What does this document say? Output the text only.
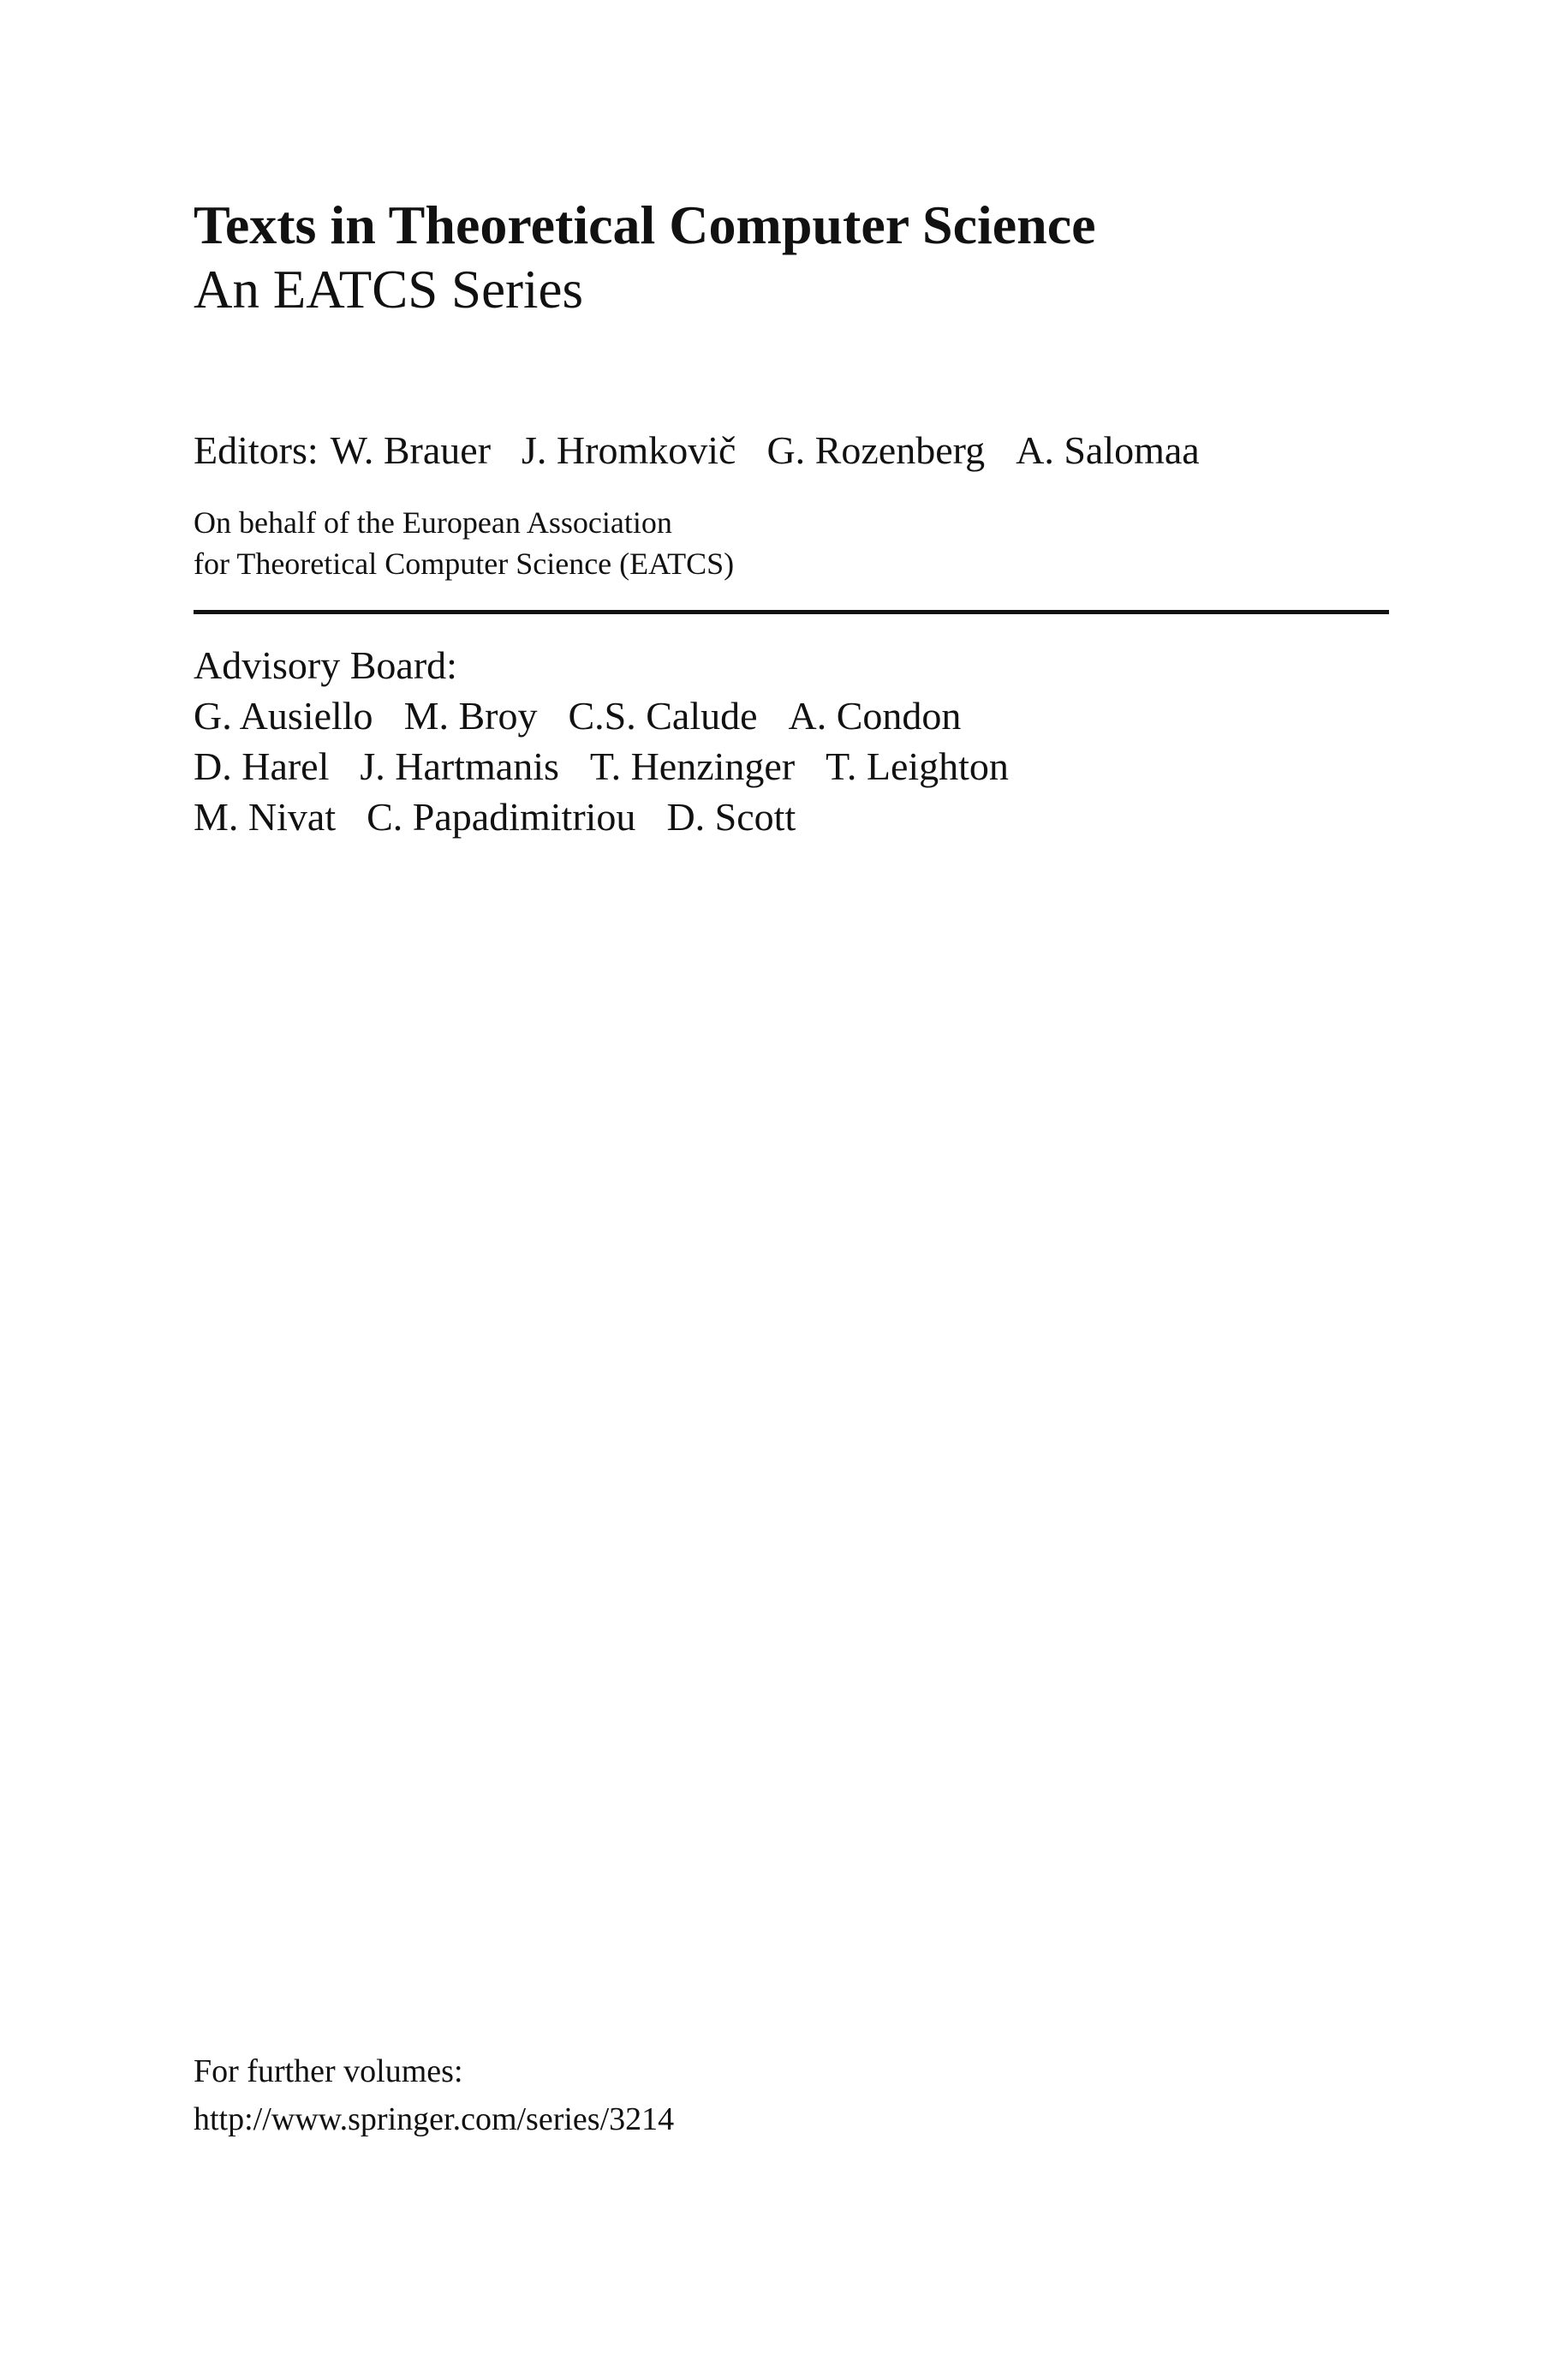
Texts in Theoretical Computer Science
An EATCS Series
Editors: W. Brauer J. Hromkovič G. Rozenberg A. Salomaa
On behalf of the European Association
for Theoretical Computer Science (EATCS)
Advisory Board:
G. Ausiello M. Broy C.S. Calude A. Condon
D. Harel J. Hartmanis T. Henzinger T. Leighton
M. Nivat C. Papadimitriou D. Scott
For further volumes:
http://www.springer.com/series/3214
